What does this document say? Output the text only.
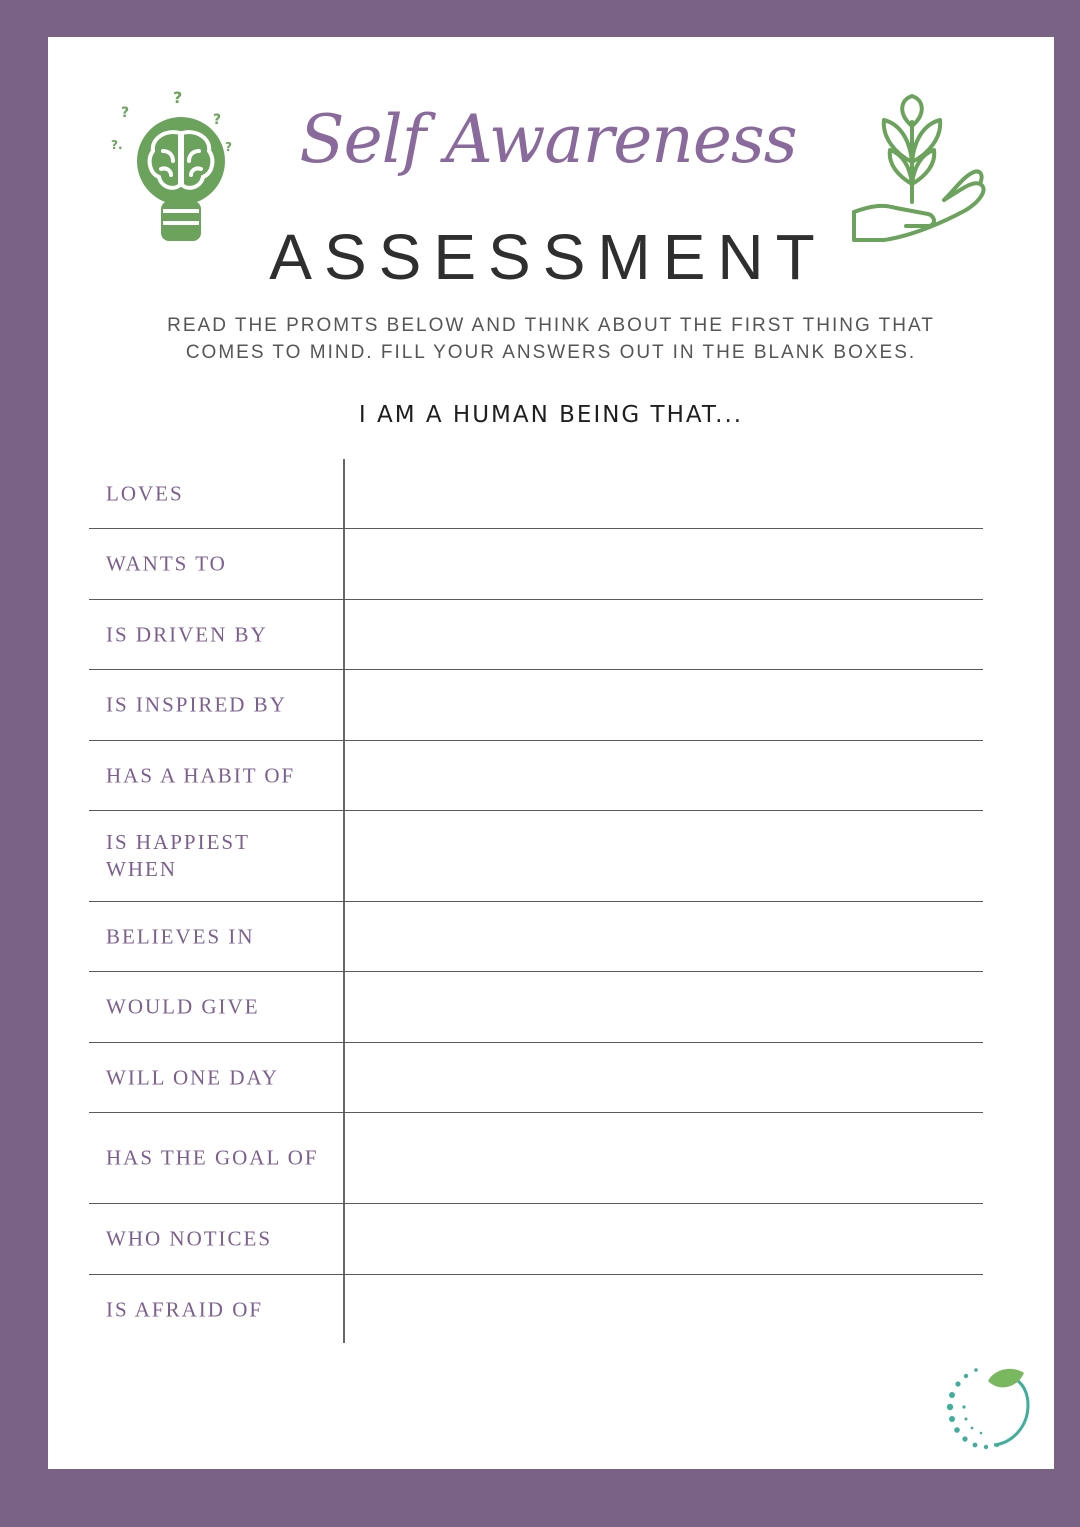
?
?.
?
?
? Self Awareness
ASSESSMENT
READ THE PROMTS BELOW AND THINK ABOUT THE FIRST THING THAT
COMES TO MIND. FILL YOUR ANSWERS OUT IN THE BLANK BOXES.
I AM A HUMAN BEING THAT...
LOVES
WANTS TO
IS DRIVEN BY
IS INSPIRED BY
HAS A HABIT OF
IS HAPPIEST WHEN
BELIEVES IN
WOULD GIVE
WILL ONE DAY
HAS THE GOAL OF
WHO NOTICES
IS AFRAID OF
